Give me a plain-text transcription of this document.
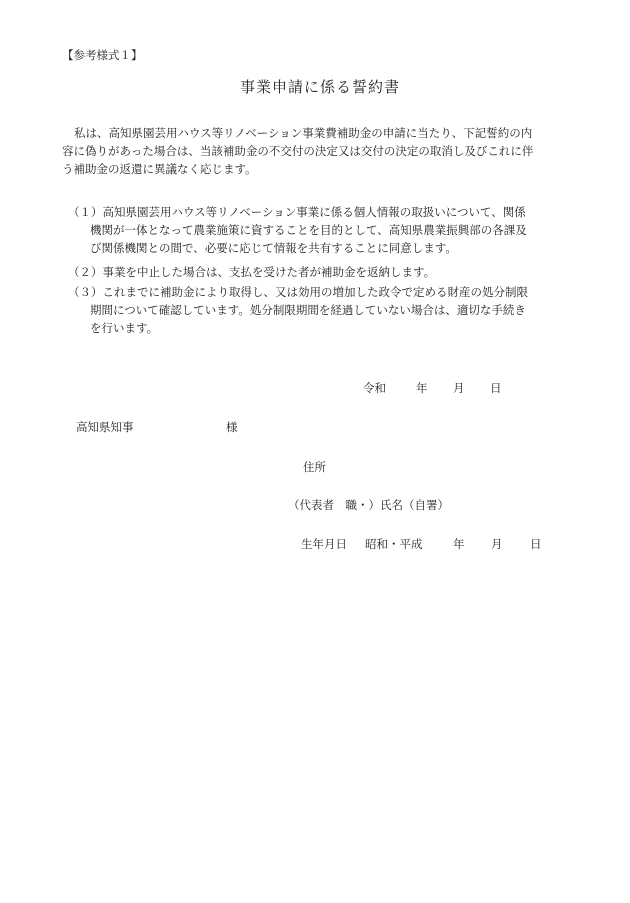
【参考様式１】
事業申請に係る誓約書
私は、高知県園芸用ハウス等リノベーション事業費補助金の申請に当たり、下記誓約の内
容に偽りがあった場合は、当該補助金の不交付の決定又は交付の決定の取消し及びこれに伴
う補助金の返還に異議なく応じます。
（１）高知県園芸用ハウス等リノベーション事業に係る個人情報の取扱いについて、関係
機関が一体となって農業施策に資することを目的として、高知県農業振興部の各課及
び関係機関との間で、必要に応じて情報を共有することに同意します。
（２）事業を中止した場合は、支払を受けた者が補助金を返納します。
（３）これまでに補助金により取得し、又は効用の増加した政令で定める財産の処分制限
期間について確認しています。処分制限期間を経過していない場合は、適切な手続き
を行います。
令和	年 月 日
高知県知事	様
住所
（代表者　職・）氏名（自署）
生年月日 昭和・平成	年 月 日
